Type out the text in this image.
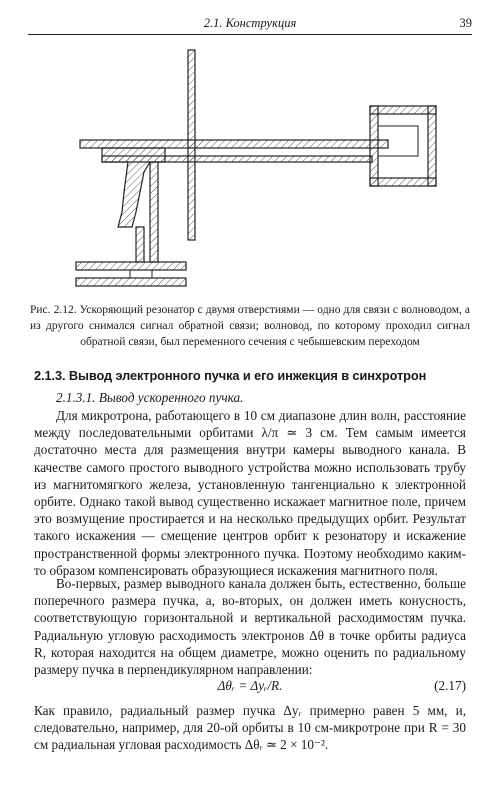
2.1. Конструкция	39
Рис. 2.12. Ускоряющий резонатор с двумя отверстиями — одно для связи с волноводом, а из другого снимался сигнал обратной связи; волновод, по которому проходил сигнал обратной связи, был переменного сечения с чебышевским переходом
2.1.3. Вывод электронного пучка и его инжекция в синхротрон
2.1.3.1. Вывод ускоренного пучка.

Для микротрона, работающего в 10 см диапазоне длин волн, расстояние между последовательными орбитами λ/π ≃ 3 см. Тем самым имеется достаточно места для размещения внутри камеры выводного канала. В качестве самого простого выводного устройства можно использовать трубу из магнитомягкого железа, установленную тангенциально к электронной орбите. Однако такой вывод существенно искажает магнитное поле, причем это возмущение простирается и на несколько предыдущих орбит. Результат такого искажения — смещение центров орбит к резонатору и искажение пространственной формы электронного пучка. Поэтому необходимо каким-то образом компенсировать образующиеся искажения магнитного поля.

Во-первых, размер выводного канала должен быть, естественно, больше поперечного размера пучка, а, во-вторых, он должен иметь конусность, соответствующую горизонтальной и вертикальной расходимостям пучка. Радиальную угловую расходимость электронов Δθ в точке орбиты радиуса R, которая находится на общем диаметре, можно оценить по радиальному размеру пучка в перпендикулярном направлении:

Δθᵣ = Δyᵣ/R.	(2.17)

Как правило, радиальный размер пучка Δyᵣ примерно равен 5 мм, и, следовательно, например, для 20-ой орбиты в 10 см-микротроне при R = 30 см радиальная угловая расходимость Δθᵣ ≃ 2 × 10⁻².
